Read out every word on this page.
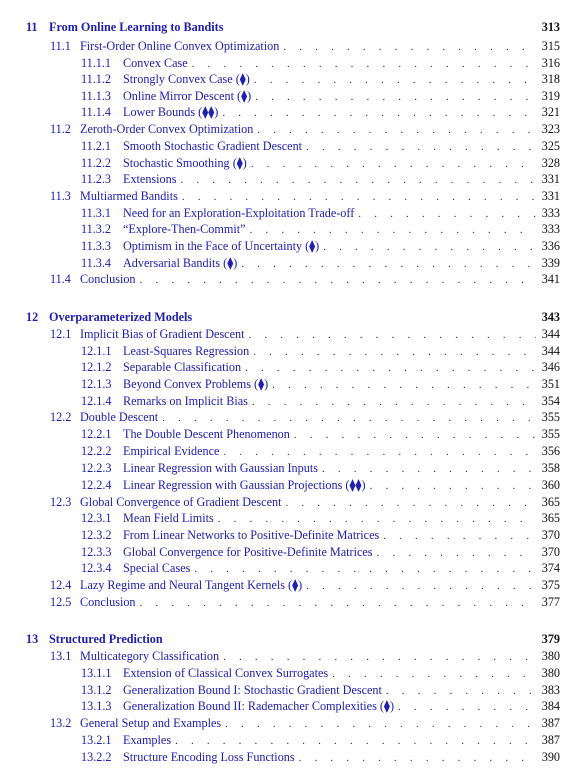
11 From Online Learning to Bandits	313
11.1 First-Order Online Convex Optimization . . .	315
11.1.1 Convex Case . . .	316
11.1.2 Strongly Convex Case (⧫) . . .	318
11.1.3 Online Mirror Descent (⧫) . . .	319
11.1.4 Lower Bounds (⧫⧫) . . .	321
11.2 Zeroth-Order Convex Optimization . . .	323
11.2.1 Smooth Stochastic Gradient Descent . . .	325
11.2.2 Stochastic Smoothing (⧫) . . .	328
11.2.3 Extensions . . .	331
11.3 Multiarmed Bandits . . .	331
11.3.1 Need for an Exploration-Exploitation Trade-off . . .	333
11.3.2 “Explore-Then-Commit” . . .	333
11.3.3 Optimism in the Face of Uncertainty (⧫) . . .	336
11.3.4 Adversarial Bandits (⧫) . . .	339
11.4 Conclusion . . .	341
12 Overparameterized Models	343
12.1 Implicit Bias of Gradient Descent . . .	344
12.1.1 Least-Squares Regression . . .	344
12.1.2 Separable Classification . . .	346
12.1.3 Beyond Convex Problems (⧫) . . .	351
12.1.4 Remarks on Implicit Bias . . .	354
12.2 Double Descent . . .	355
12.2.1 The Double Descent Phenomenon . . .	355
12.2.2 Empirical Evidence . . .	356
12.2.3 Linear Regression with Gaussian Inputs . . .	358
12.2.4 Linear Regression with Gaussian Projections (⧫⧫) . . .	360
12.3 Global Convergence of Gradient Descent . . .	365
12.3.1 Mean Field Limits . . .	365
12.3.2 From Linear Networks to Positive-Definite Matrices . . .	370
12.3.3 Global Convergence for Positive-Definite Matrices . . .	370
12.3.4 Special Cases . . .	374
12.4 Lazy Regime and Neural Tangent Kernels (⧫) . . .	375
12.5 Conclusion . . .	377
13 Structured Prediction	379
13.1 Multicategory Classification . . .	380
13.1.1 Extension of Classical Convex Surrogates . . .	380
13.1.2 Generalization Bound I: Stochastic Gradient Descent . . .	383
13.1.3 Generalization Bound II: Rademacher Complexities (⧫) . . .	384
13.2 General Setup and Examples . . .	387
13.2.1 Examples . . .	387
13.2.2 Structure Encoding Loss Functions . . .	390
